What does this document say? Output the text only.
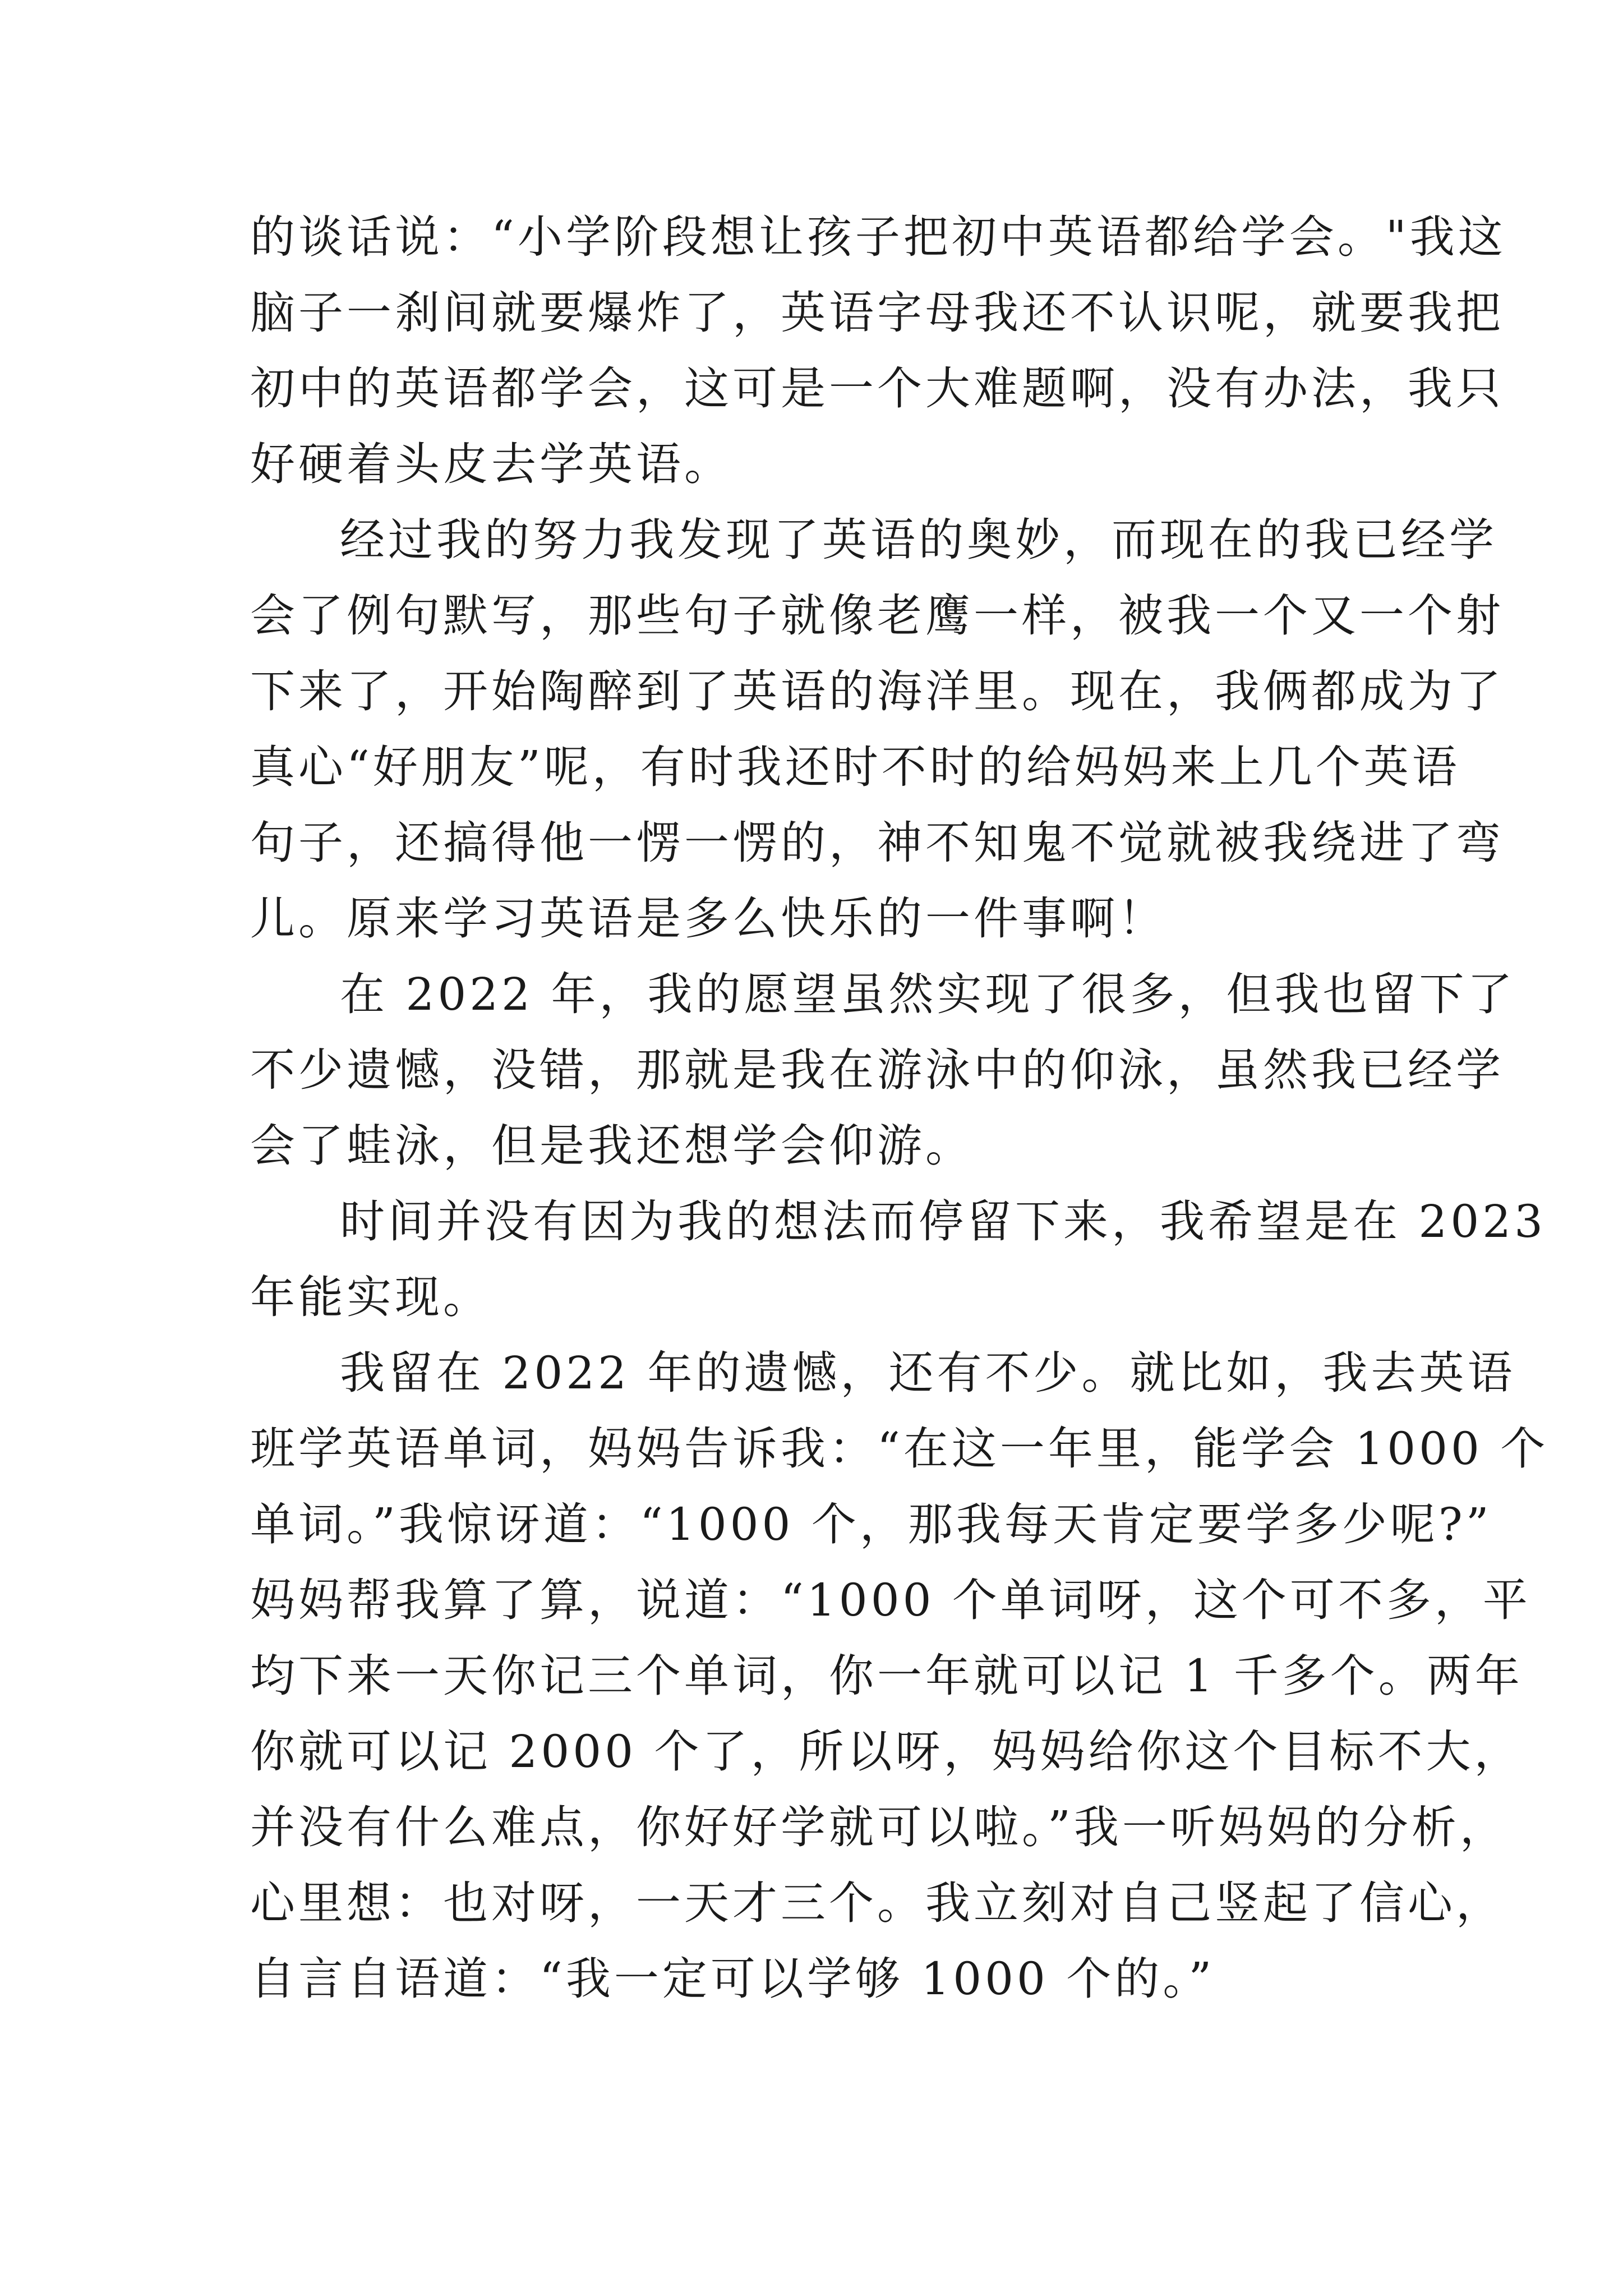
的谈话说：“小学阶段想让孩子把初中英语都给学会。"我这
脑子一刹间就要爆炸了，英语字母我还不认识呢，就要我把
初中的英语都学会，这可是一个大难题啊，没有办法，我只
好硬着头皮去学英语。
经过我的努力我发现了英语的奥妙，而现在的我已经学
会了例句默写，那些句子就像老鹰一样，被我一个又一个射
下来了，开始陶醉到了英语的海洋里。现在，我俩都成为了
真心“好朋友”呢，有时我还时不时的给妈妈来上几个英语
句子，还搞得他一愣一愣的，神不知鬼不觉就被我绕进了弯
儿。原来学习英语是多么快乐的一件事啊！
在 2022 年，我的愿望虽然实现了很多，但我也留下了
不少遗憾，没错，那就是我在游泳中的仰泳，虽然我已经学
会了蛙泳，但是我还想学会仰游。
时间并没有因为我的想法而停留下来，我希望是在 2023
年能实现。
我留在 2022 年的遗憾，还有不少。就比如，我去英语
班学英语单词，妈妈告诉我：“在这一年里，能学会 1000 个
单词。”我惊讶道：“1000 个，那我每天肯定要学多少呢?”
妈妈帮我算了算，说道：“1000 个单词呀，这个可不多，平
均下来一天你记三个单词，你一年就可以记 1 千多个。两年
你就可以记 2000 个了，所以呀，妈妈给你这个目标不大，
并没有什么难点，你好好学就可以啦。”我一听妈妈的分析，
心里想：也对呀，一天才三个。我立刻对自己竖起了信心，
自言自语道：“我一定可以学够 1000 个的。”
